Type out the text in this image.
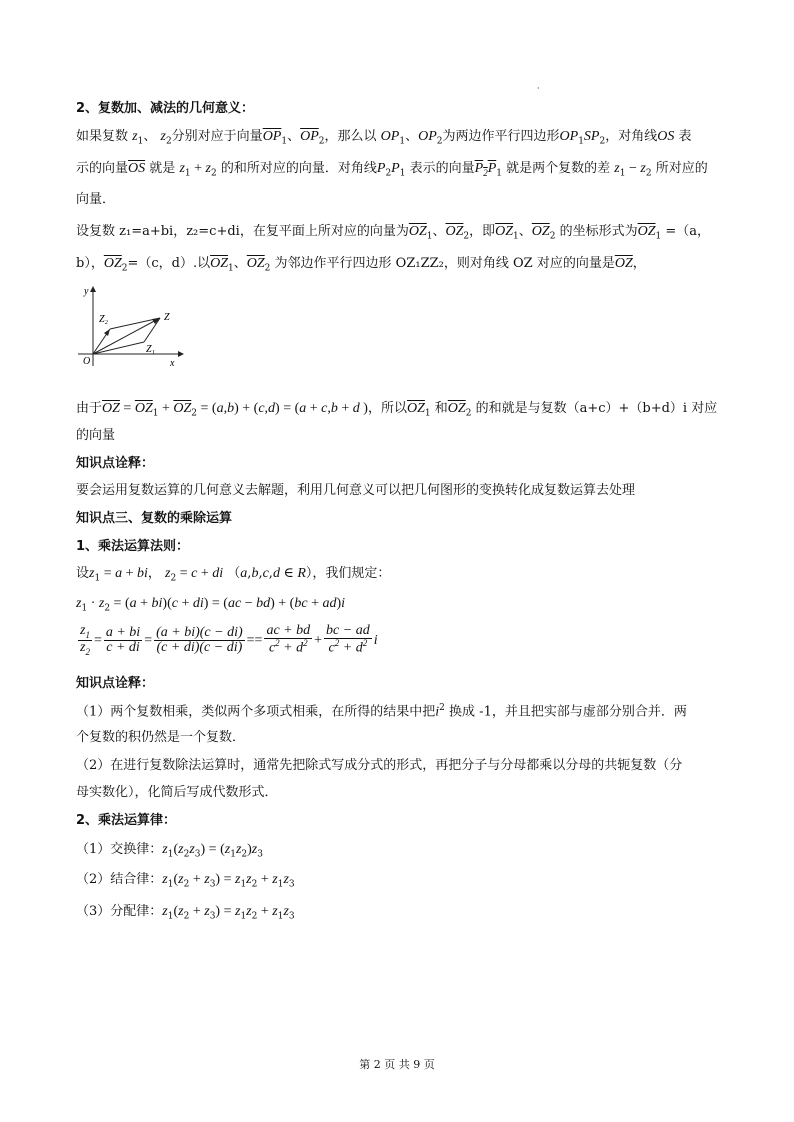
·
2、复数加、减法的几何意义：
如果复数 $z_1$、 $z_2$分别对应于向量$\overline{OP}_1$、$\overline{OP}_2$，那么以 $OP_1$、$OP_2$为两边作平行四边形$OP_1SP_2$，对角线OS 表
示的向量$\overline{OS}$ 就是 $z_1 + z_2$ 的和所对应的向量．对角线$P_2P_1$ 表示的向量$P_2P_1$ 就是两个复数的差 $z_1 - z_2$ 所对应的
向量．
设复数 z₁=a+bi，z₂=c+di，在复平面上所对应的向量为$\overline{OZ}_1$、$\overline{OZ}_2$，即$\overline{OZ}_1$、$\overline{OZ}_2$ 的坐标形式为$\overline{OZ}_1 =(a$，
b），$\overline{OZ}_2=(c$，d）.以$\overline{OZ}_1$、$\overline{OZ}_2$ 为邻边作平行四边形 OZ₁ZZ₂，则对角线 OZ 对应的向量是$\overline{OZ}$，
y
x
O
Z
Z₁
Z₂
由于$\overline{OZ} = \overline{OZ}_1 + \overline{OZ}_2 = (a,b) + (c,d) = (a + c,b + d$ )，所以$\overline{OZ}_1$ 和$\overline{OZ}_2$ 的和就是与复数（a+c）+（b+d）i 对应
的向量
知识点诠释：
要会运用复数运算的几何意义去解题，利用几何意义可以把几何图形的变换转化成复数运算去处理
知识点三、复数的乘除运算
1、乘法运算法则：
设$z_1 = a$ + bi， $z_2 = c$ + di （a,b,c,d ∈ R），我们规定：
$z_1 \cdot z_2 = (a + bi)(c + di) = (ac - bd) + (bc + ad)i$
$\frac{z_1}{z_2} = \frac{a + bi}{c + di} = \frac{(a + bi)(c - di)}{(c + di)(c - di)} == \frac{ac + bd}{c^2 + d^2} + \frac{bc - ad}{c^2 + d^2}$ i
知识点诠释：
（1）两个复数相乘，类似两个多项式相乘，在所得的结果中把$i^2$ 换成 -1，并且把实部与虚部分别合并．两
个复数的积仍然是一个复数．
（2）在进行复数除法运算时，通常先把除式写成分式的形式，再把分子与分母都乘以分母的共轭复数（分
母实数化），化简后写成代数形式．
2、乘法运算律：
（1）交换律：$z_1(z_2z_3) = (z_1z_2)z_3$
（2）结合律：$z_1(z_2 + z_3) = z_1z_2 + z_1z_3$
（3）分配律：$z_1(z_2 + z_3) = z_1z_2 + z_1z_3$
第 2 页 共 9 页
